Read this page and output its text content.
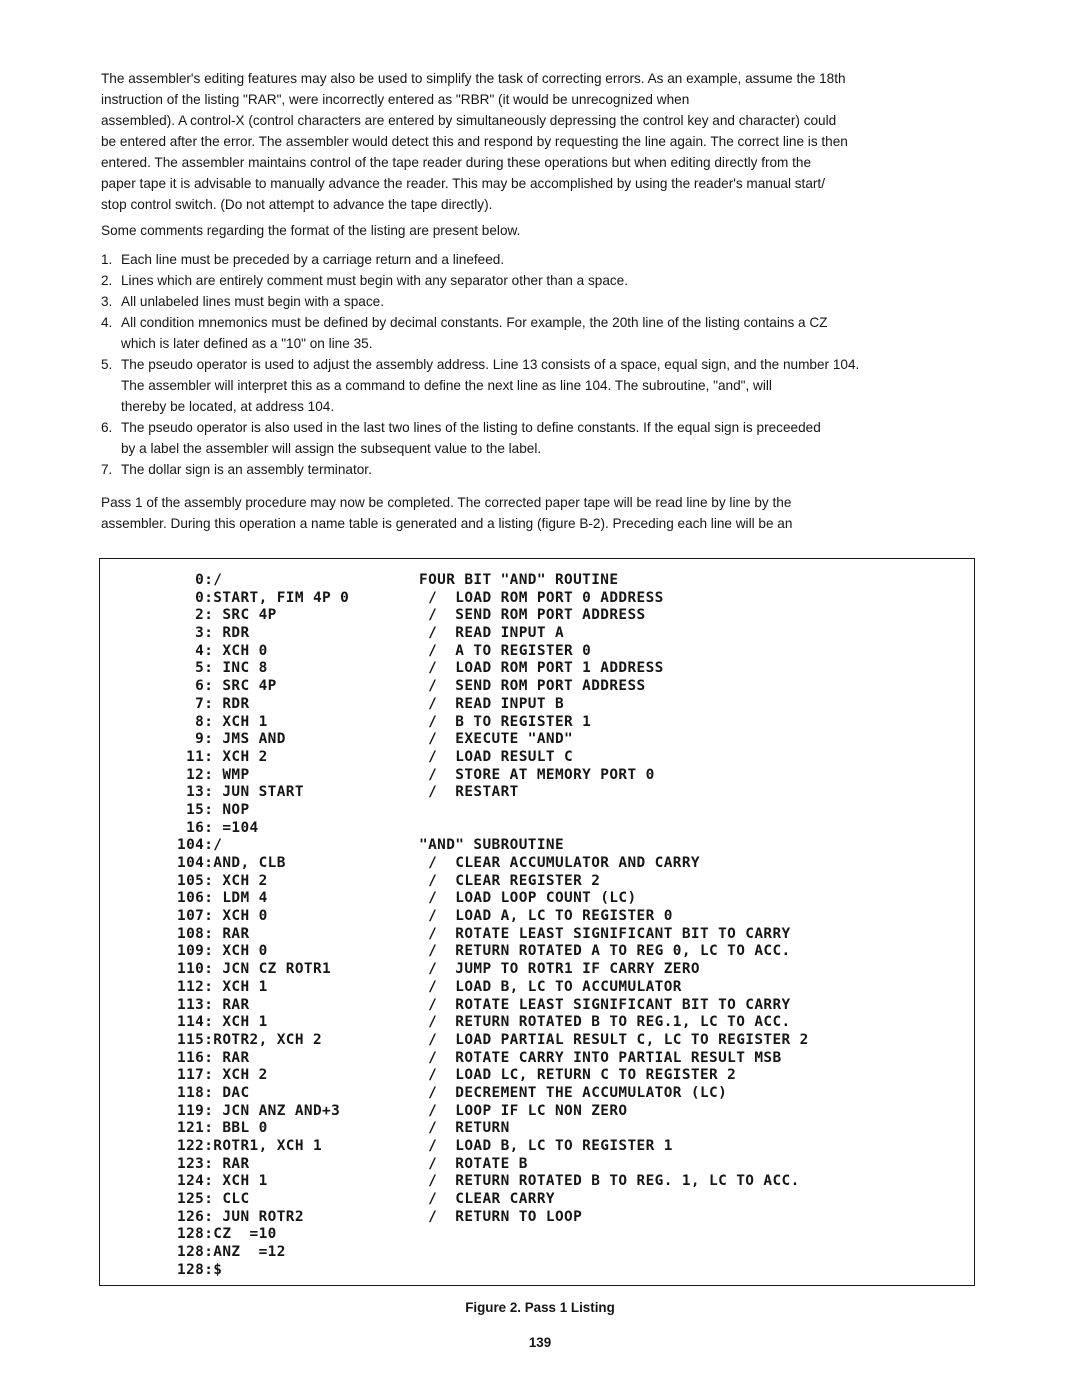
The assembler's editing features may also be used to simplify the task of correcting errors. As an example, assume the 18th
instruction of the listing "RAR", were incorrectly entered as "RBR" (it would be unrecognized when
assembled). A control-X (control characters are entered by simultaneously depressing the control key and character) could
be entered after the error. The assembler would detect this and respond by requesting the line again. The correct line is then
entered. The assembler maintains control of the tape reader during these operations but when editing directly from the
paper tape it is advisable to manually advance the reader. This may be accomplished by using the reader's manual start/
stop control switch. (Do not attempt to advance the tape directly).
Some comments regarding the format of the listing are present below.
1. Each line must be preceded by a carriage return and a linefeed.
2. Lines which are entirely comment must begin with any separator other than a space.
3. All unlabeled lines must begin with a space.
4. All condition mnemonics must be defined by decimal constants. For example, the 20th line of the listing contains a CZ
which is later defined as a "10" on line 35.
5. The pseudo operator is used to adjust the assembly address. Line 13 consists of a space, equal sign, and the number 104.
The assembler will interpret this as a command to define the next line as line 104. The subroutine, "and", will
thereby be located, at address 104.
6. The pseudo operator is also used in the last two lines of the listing to define constants. If the equal sign is preceeded
by a label the assembler will assign the subsequent value to the label.
7. The dollar sign is an assembly terminator.
Pass 1 of the assembly procedure may now be completed. The corrected paper tape will be read line by line by the
assembler. During this operation a name table is generated and a listing (figure B-2). Preceding each line will be an
0:/
0:START, FIM 4P 0
2: SRC 4P
3: RDR
4: XCH 0
5: INC 8
6: SRC 4P
7: RDR
8: XCH 1
9: JMS AND
11: XCH 2
12: WMP
13: JUN START
15: NOP
16: =104
104:/
104:AND, CLB
105: XCH 2
106: LDM 4
107: XCH 0
108: RAR
109: XCH 0
110: JCN CZ ROTR1
112: XCH 1
113: RAR
114: XCH 1
115:ROTR2, XCH 2
116: RAR
117: XCH 2
118: DAC
119: JCN ANZ AND+3
121: BBL 0
122:ROTR1, XCH 1
123: RAR
124: XCH 1
125: CLC
126: JUN ROTR2
128:CZ  =10
128:ANZ  =12
128:$
FOUR BIT "AND" ROUTINE
/  LOAD ROM PORT 0 ADDRESS
/  SEND ROM PORT ADDRESS
/  READ INPUT A
/  A TO REGISTER 0
/  LOAD ROM PORT 1 ADDRESS
/  SEND ROM PORT ADDRESS
/  READ INPUT B
/  B TO REGISTER 1
/  EXECUTE "AND"
/  LOAD RESULT C
/  STORE AT MEMORY PORT 0
/  RESTART
"AND" SUBROUTINE
/  CLEAR ACCUMULATOR AND CARRY
/  CLEAR REGISTER 2
/  LOAD LOOP COUNT (LC)
/  LOAD A, LC TO REGISTER 0
/  ROTATE LEAST SIGNIFICANT BIT TO CARRY
/  RETURN ROTATED A TO REG 0, LC TO ACC.
/  JUMP TO ROTR1 IF CARRY ZERO
/  LOAD B, LC TO ACCUMULATOR
/  ROTATE LEAST SIGNIFICANT BIT TO CARRY
/  RETURN ROTATED B TO REG.1, LC TO ACC.
/  LOAD PARTIAL RESULT C, LC TO REGISTER 2
/  ROTATE CARRY INTO PARTIAL RESULT MSB
/  LOAD LC, RETURN C TO REGISTER 2
/  DECREMENT THE ACCUMULATOR (LC)
/  LOOP IF LC NON ZERO
/  RETURN
/  LOAD B, LC TO REGISTER 1
/  ROTATE B
/  RETURN ROTATED B TO REG. 1, LC TO ACC.
/  CLEAR CARRY
/  RETURN TO LOOP
Figure 2. Pass 1 Listing
139
